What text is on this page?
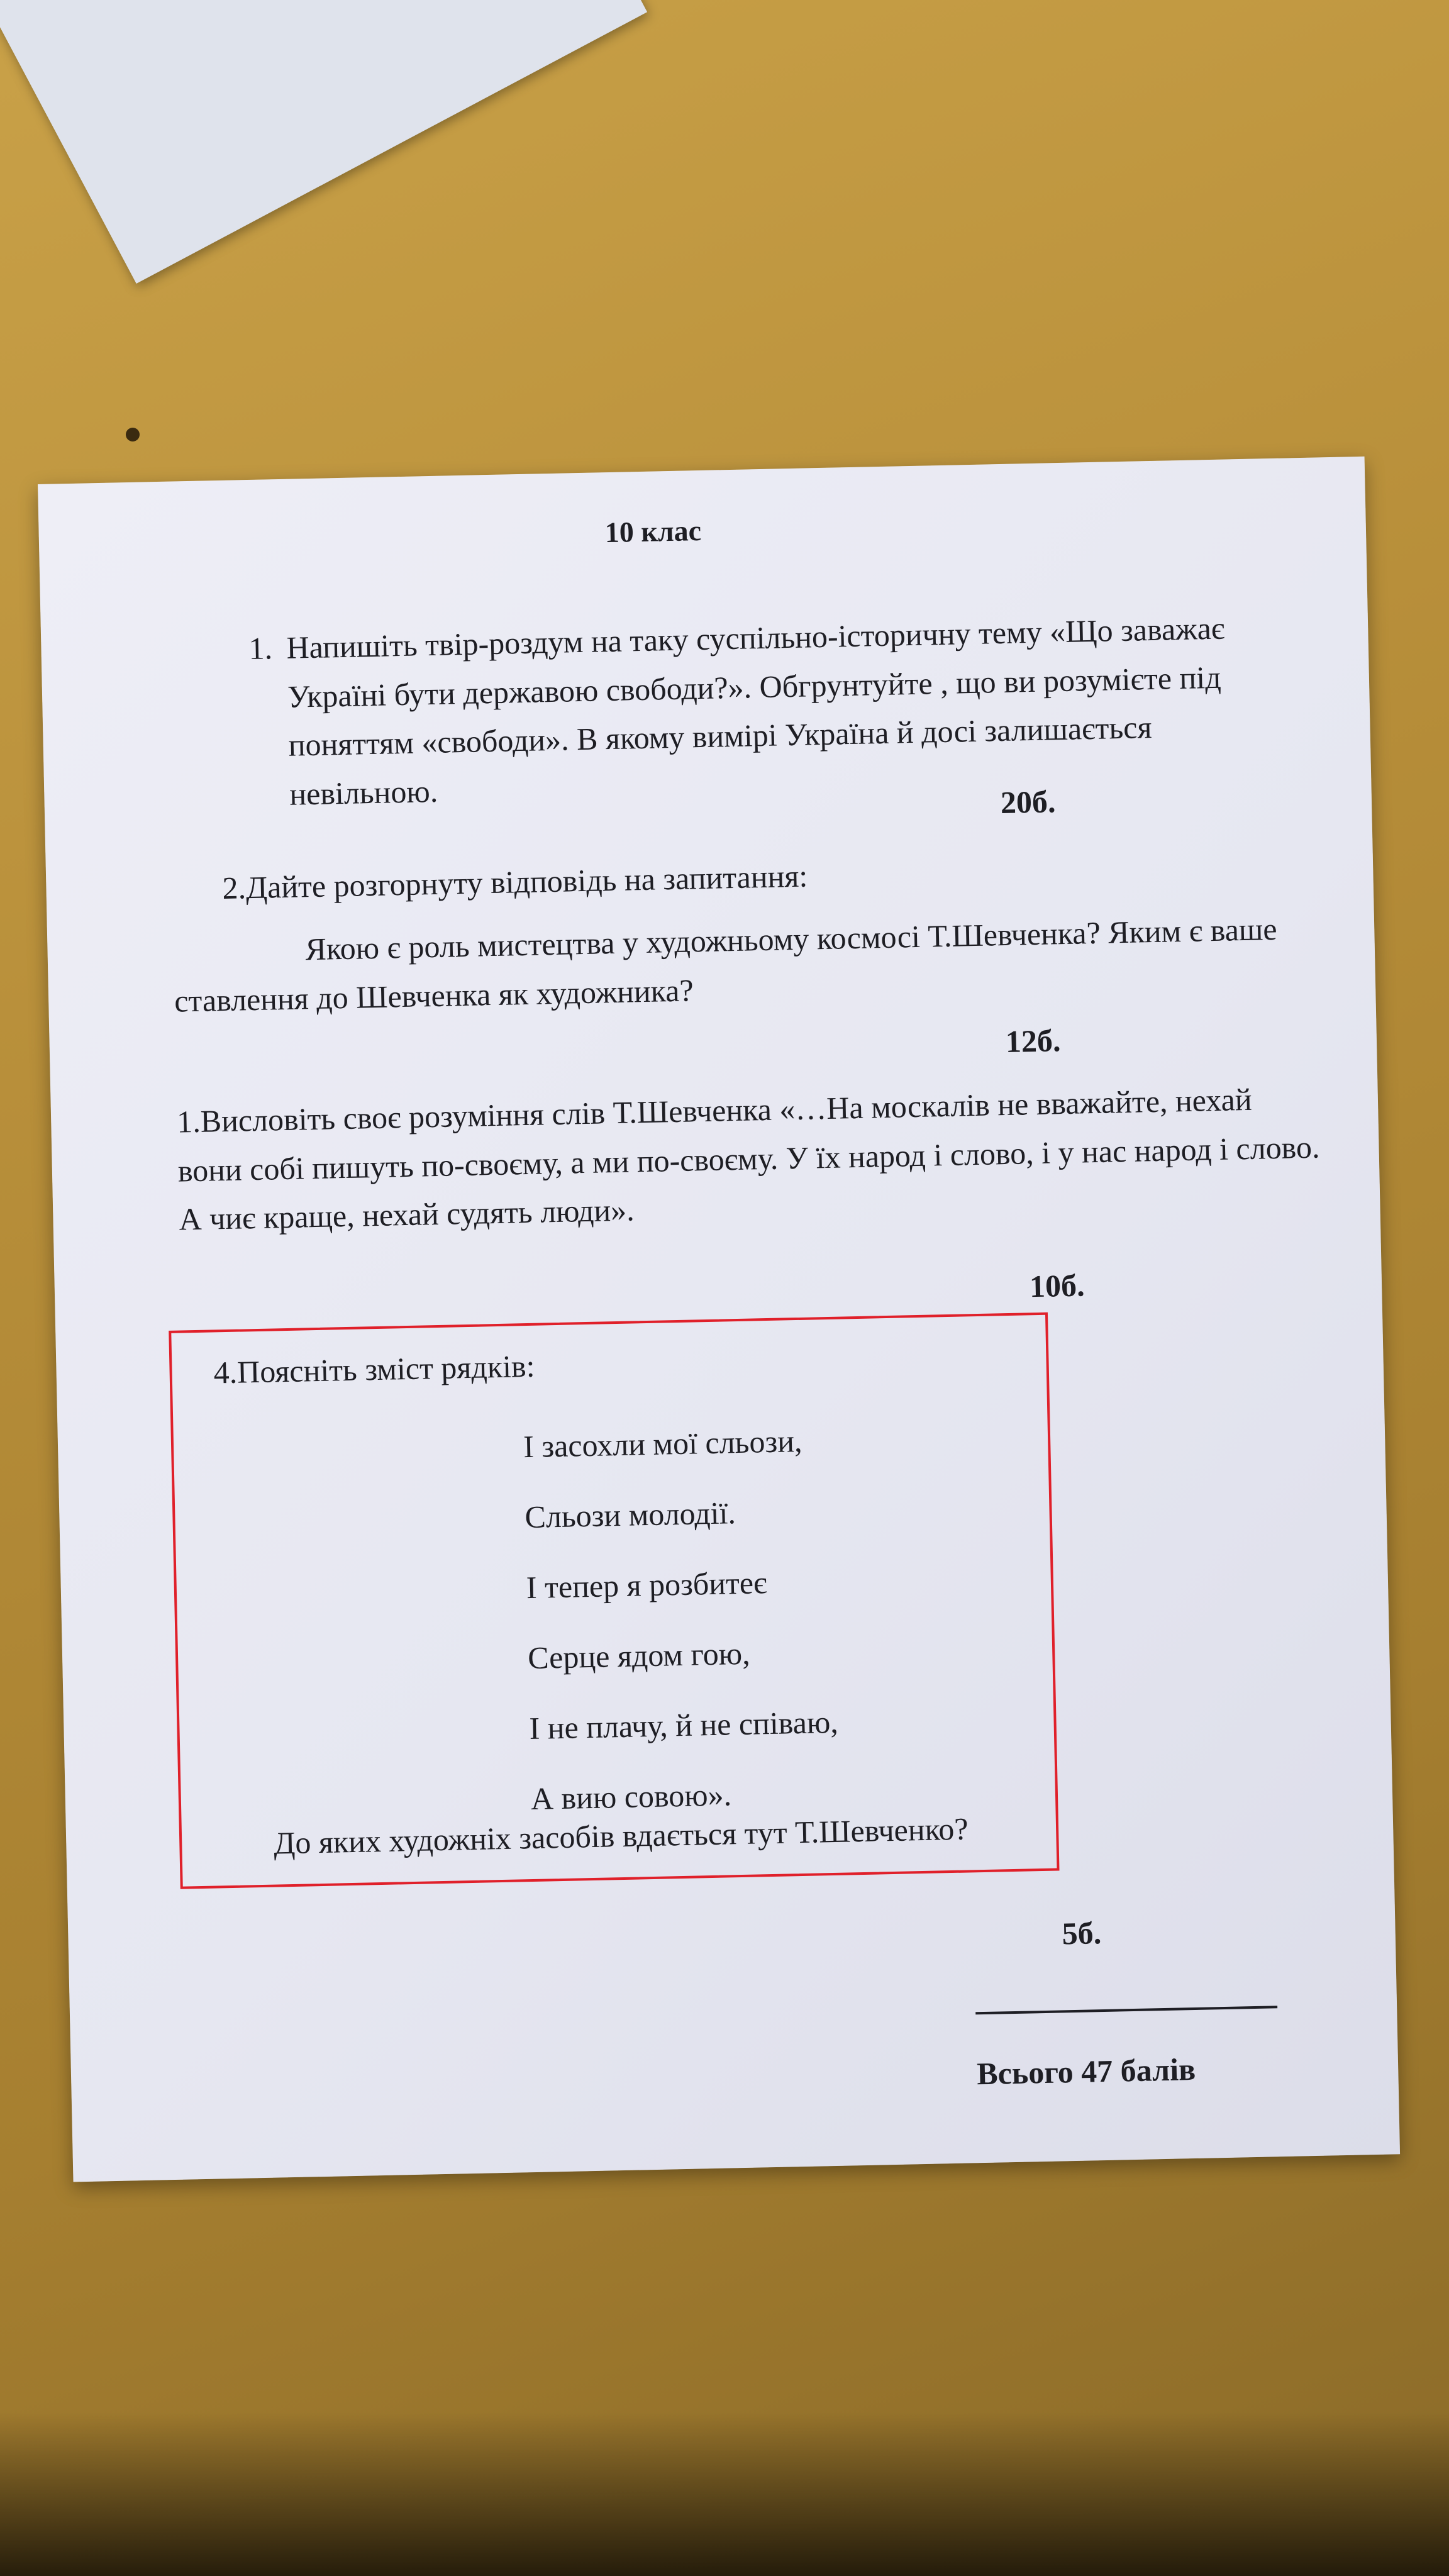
10 клас
1. Напишіть твір-роздум на таку суспільно-історичну тему «Що заважає Україні бути державою свободи?». Обгрунтуйте , що ви розумієте під поняттям «свободи». В якому вимірі Україна й досі залишається невільною.	20б.
2.Дайте розгорнуту відповідь на запитання:
Якою є роль мистецтва у художньому космосі Т.Шевченка? Яким є ваше ставлення до Шевченка як художника?
12б.
1.Висловіть своє розуміння слів Т.Шевченка «…На москалів не вважайте, нехай вони собі пишуть по-своєму, а ми по-своєму. У їх народ і слово, і у нас народ і слово. А чиє краще, нехай судять люди».
10б.
4.Поясніть зміст рядків:
І засохли мої сльози,
Сльози молодії.
І тепер я розбитеє
Серце ядом гою,
І не плачу, й не співаю,
А вию совою».
До яких художніх засобів вдається тут Т.Шевченко?
5б.
Всього 47 балів
